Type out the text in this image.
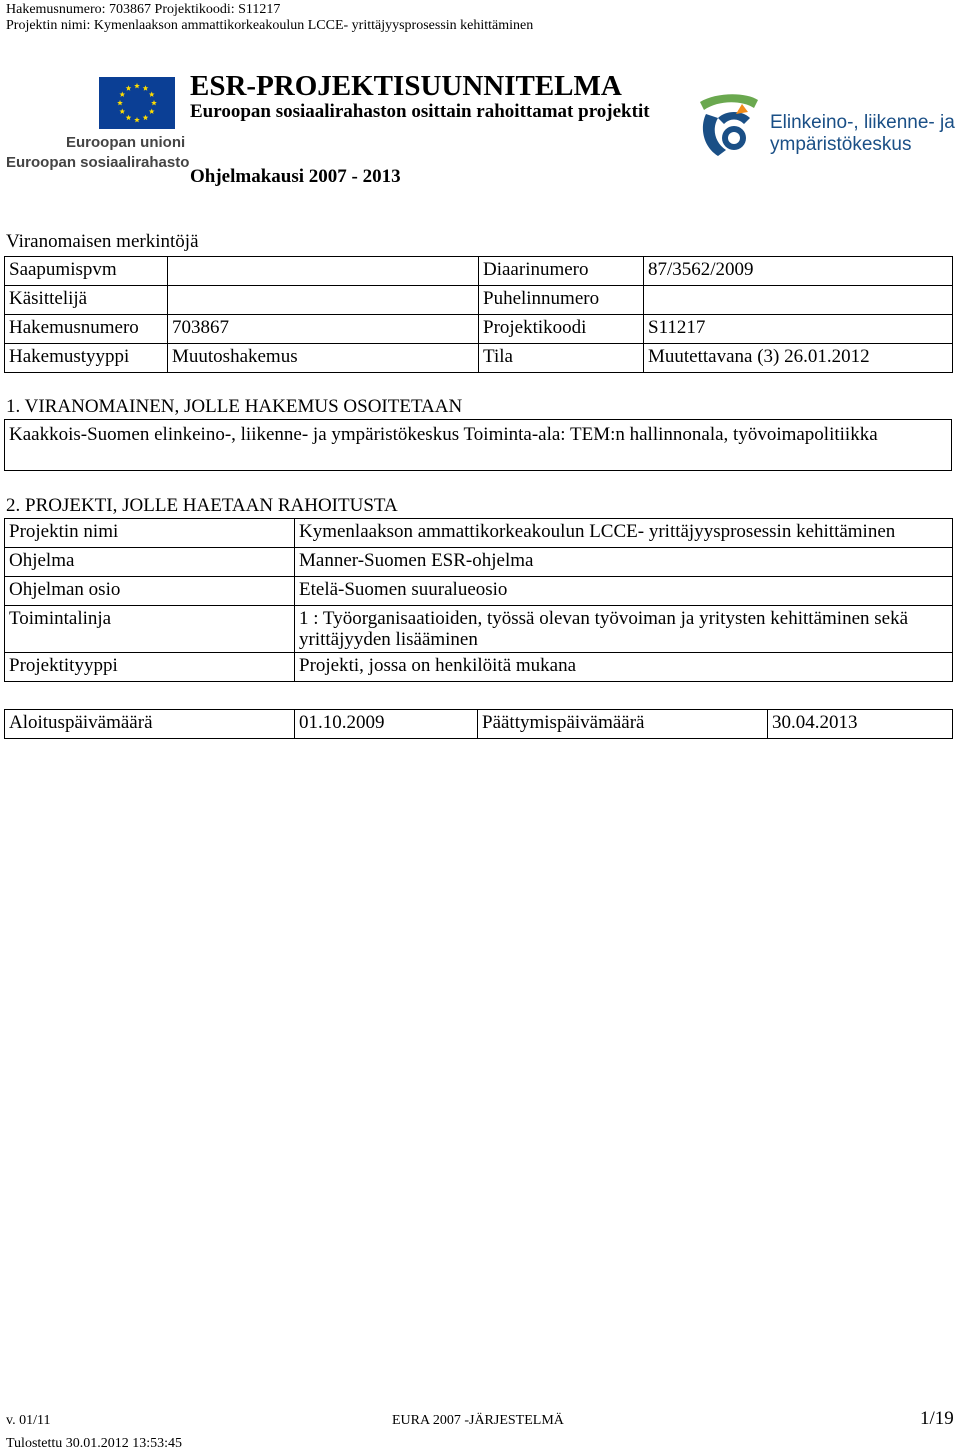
Hakemusnumero: 703867 Projektikoodi: S11217
Projektin nimi: Kymenlaakson ammattikorkeakoulun LCCE- yrittäjyysprosessin kehittäminen
Euroopan unioni
Euroopan sosiaalirahasto
ESR-PROJEKTISUUNNITELMA
Euroopan sosiaalirahaston osittain rahoittamat projektit
Ohjelmakausi 2007 - 2013
Elinkeino-, liikenne- ja ympäristökeskus
Viranomaisen merkintöjä
Saapumispvm		Diaarinumero	87/3562/2009
Käsittelijä		Puhelinnumero	
Hakemusnumero	703867	Projektikoodi	S11217
Hakemustyyppi	Muutoshakemus	Tila	Muutettavana (3) 26.01.2012
1. VIRANOMAINEN, JOLLE HAKEMUS OSOITETAAN
Kaakkois-Suomen elinkeino-, liikenne- ja ympäristökeskus Toiminta-ala: TEM:n hallinnonala, työvoimapolitiikka
2. PROJEKTI, JOLLE HAETAAN RAHOITUSTA
Projektin nimi	Kymenlaakson ammattikorkeakoulun LCCE- yrittäjyysprosessin kehittäminen
Ohjelma	Manner-Suomen ESR-ohjelma
Ohjelman osio	Etelä-Suomen suuralueosio
Toimintalinja	1 : Työorganisaatioiden, työssä olevan työvoiman ja yritysten kehittäminen sekä yrittäjyyden lisääminen
Projektityyppi	Projekti, jossa on henkilöitä mukana
Aloituspäivämäärä	01.10.2009	Päättymispäivämäärä	30.04.2013
v. 01/11	EURA 2007 -JÄRJESTELMÄ	1/19
Tulostettu 30.01.2012 13:53:45
